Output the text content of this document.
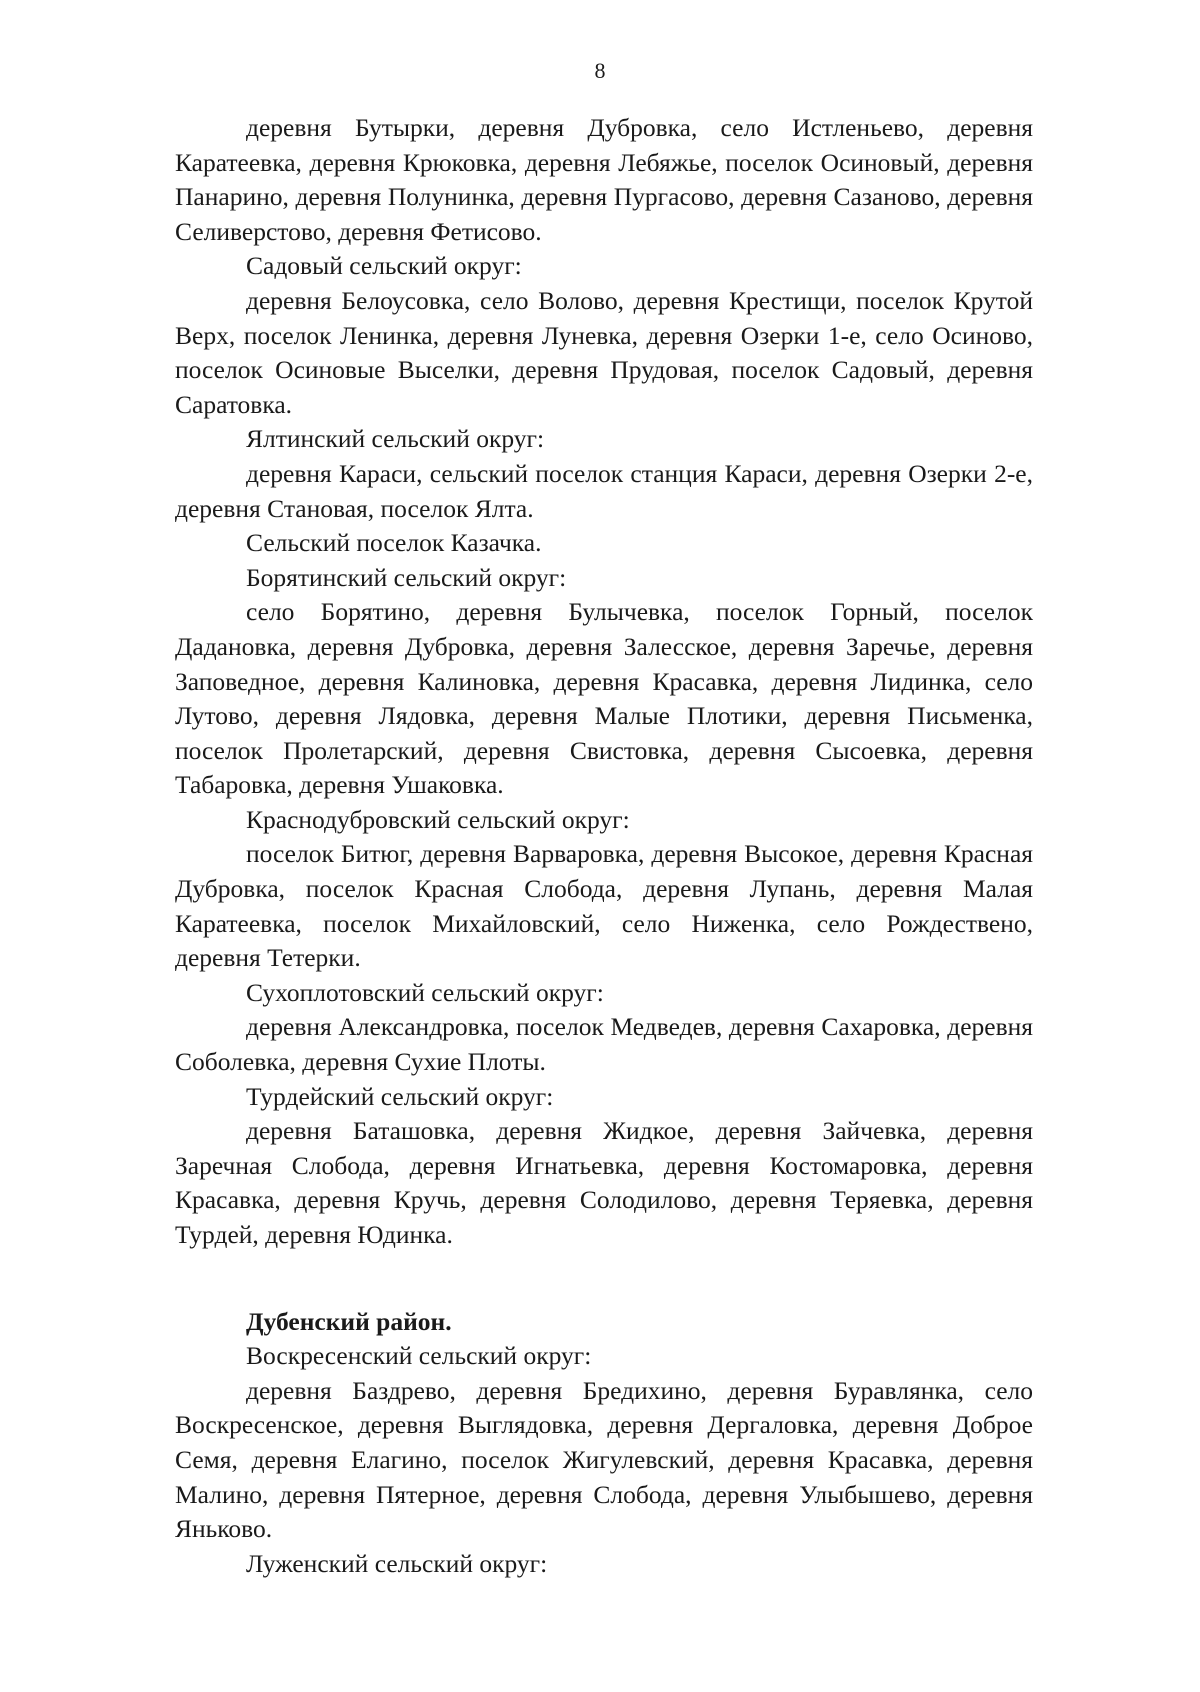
8

деревня Бутырки, деревня Дубровка, село Истленьево, деревня Каратеевка, деревня Крюковка, деревня Лебяжье, поселок Осиновый, деревня Панарино, деревня Полунинка, деревня Пургасово, деревня Сазаново, деревня Селиверстово, деревня Фетисово.

Садовый сельский округ:

деревня Белоусовка, село Волово, деревня Крестищи, поселок Крутой Верх, поселок Ленинка, деревня Луневка, деревня Озерки 1-е, село Осиново, поселок Осиновые Выселки, деревня Прудовая, поселок Садовый, деревня Саратовка.

Ялтинский сельский округ:

деревня Караси, сельский поселок станция Караси, деревня Озерки 2-е, деревня Становая, поселок Ялта.

Сельский поселок Казачка.

Борятинский сельский округ:

село Борятино, деревня Булычевка, поселок Горный, поселок Дадановка, деревня Дубровка, деревня Залесское, деревня Заречье, деревня Заповедное, деревня Калиновка, деревня Красавка, деревня Лидинка, село Лутово, деревня Лядовка, деревня Малые Плотики, деревня Письменка, поселок Пролетарский, деревня Свистовка, деревня Сысоевка, деревня Табаровка, деревня Ушаковка.

Краснодубровский сельский округ:

поселок Битюг, деревня Варваровка, деревня Высокое, деревня Красная Дубровка, поселок Красная Слобода, деревня Лупань, деревня Малая Каратеевка, поселок Михайловский, село Ниженка, село Рождествено, деревня Тетерки.

Сухоплотовский сельский округ:

деревня Александровка, поселок Медведев, деревня Сахаровка, деревня Соболевка, деревня Сухие Плоты.

Турдейский сельский округ:

деревня Баташовка, деревня Жидкое, деревня Зайчевка, деревня Заречная Слобода, деревня Игнатьевка, деревня Костомаровка, деревня Красавка, деревня Кручь, деревня Солодилово, деревня Теряевка, деревня Турдей, деревня Юдинка.

Дубенский район.

Воскресенский сельский округ:

деревня Баздрево, деревня Бредихино, деревня Буравлянка, село Воскресенское, деревня Выглядовка, деревня Дергаловка, деревня Доброе Семя, деревня Елагино, поселок Жигулевский, деревня Красавка, деревня Малино, деревня Пятерное, деревня Слобода, деревня Улыбышево, деревня Яньково.

Луженский сельский округ:
